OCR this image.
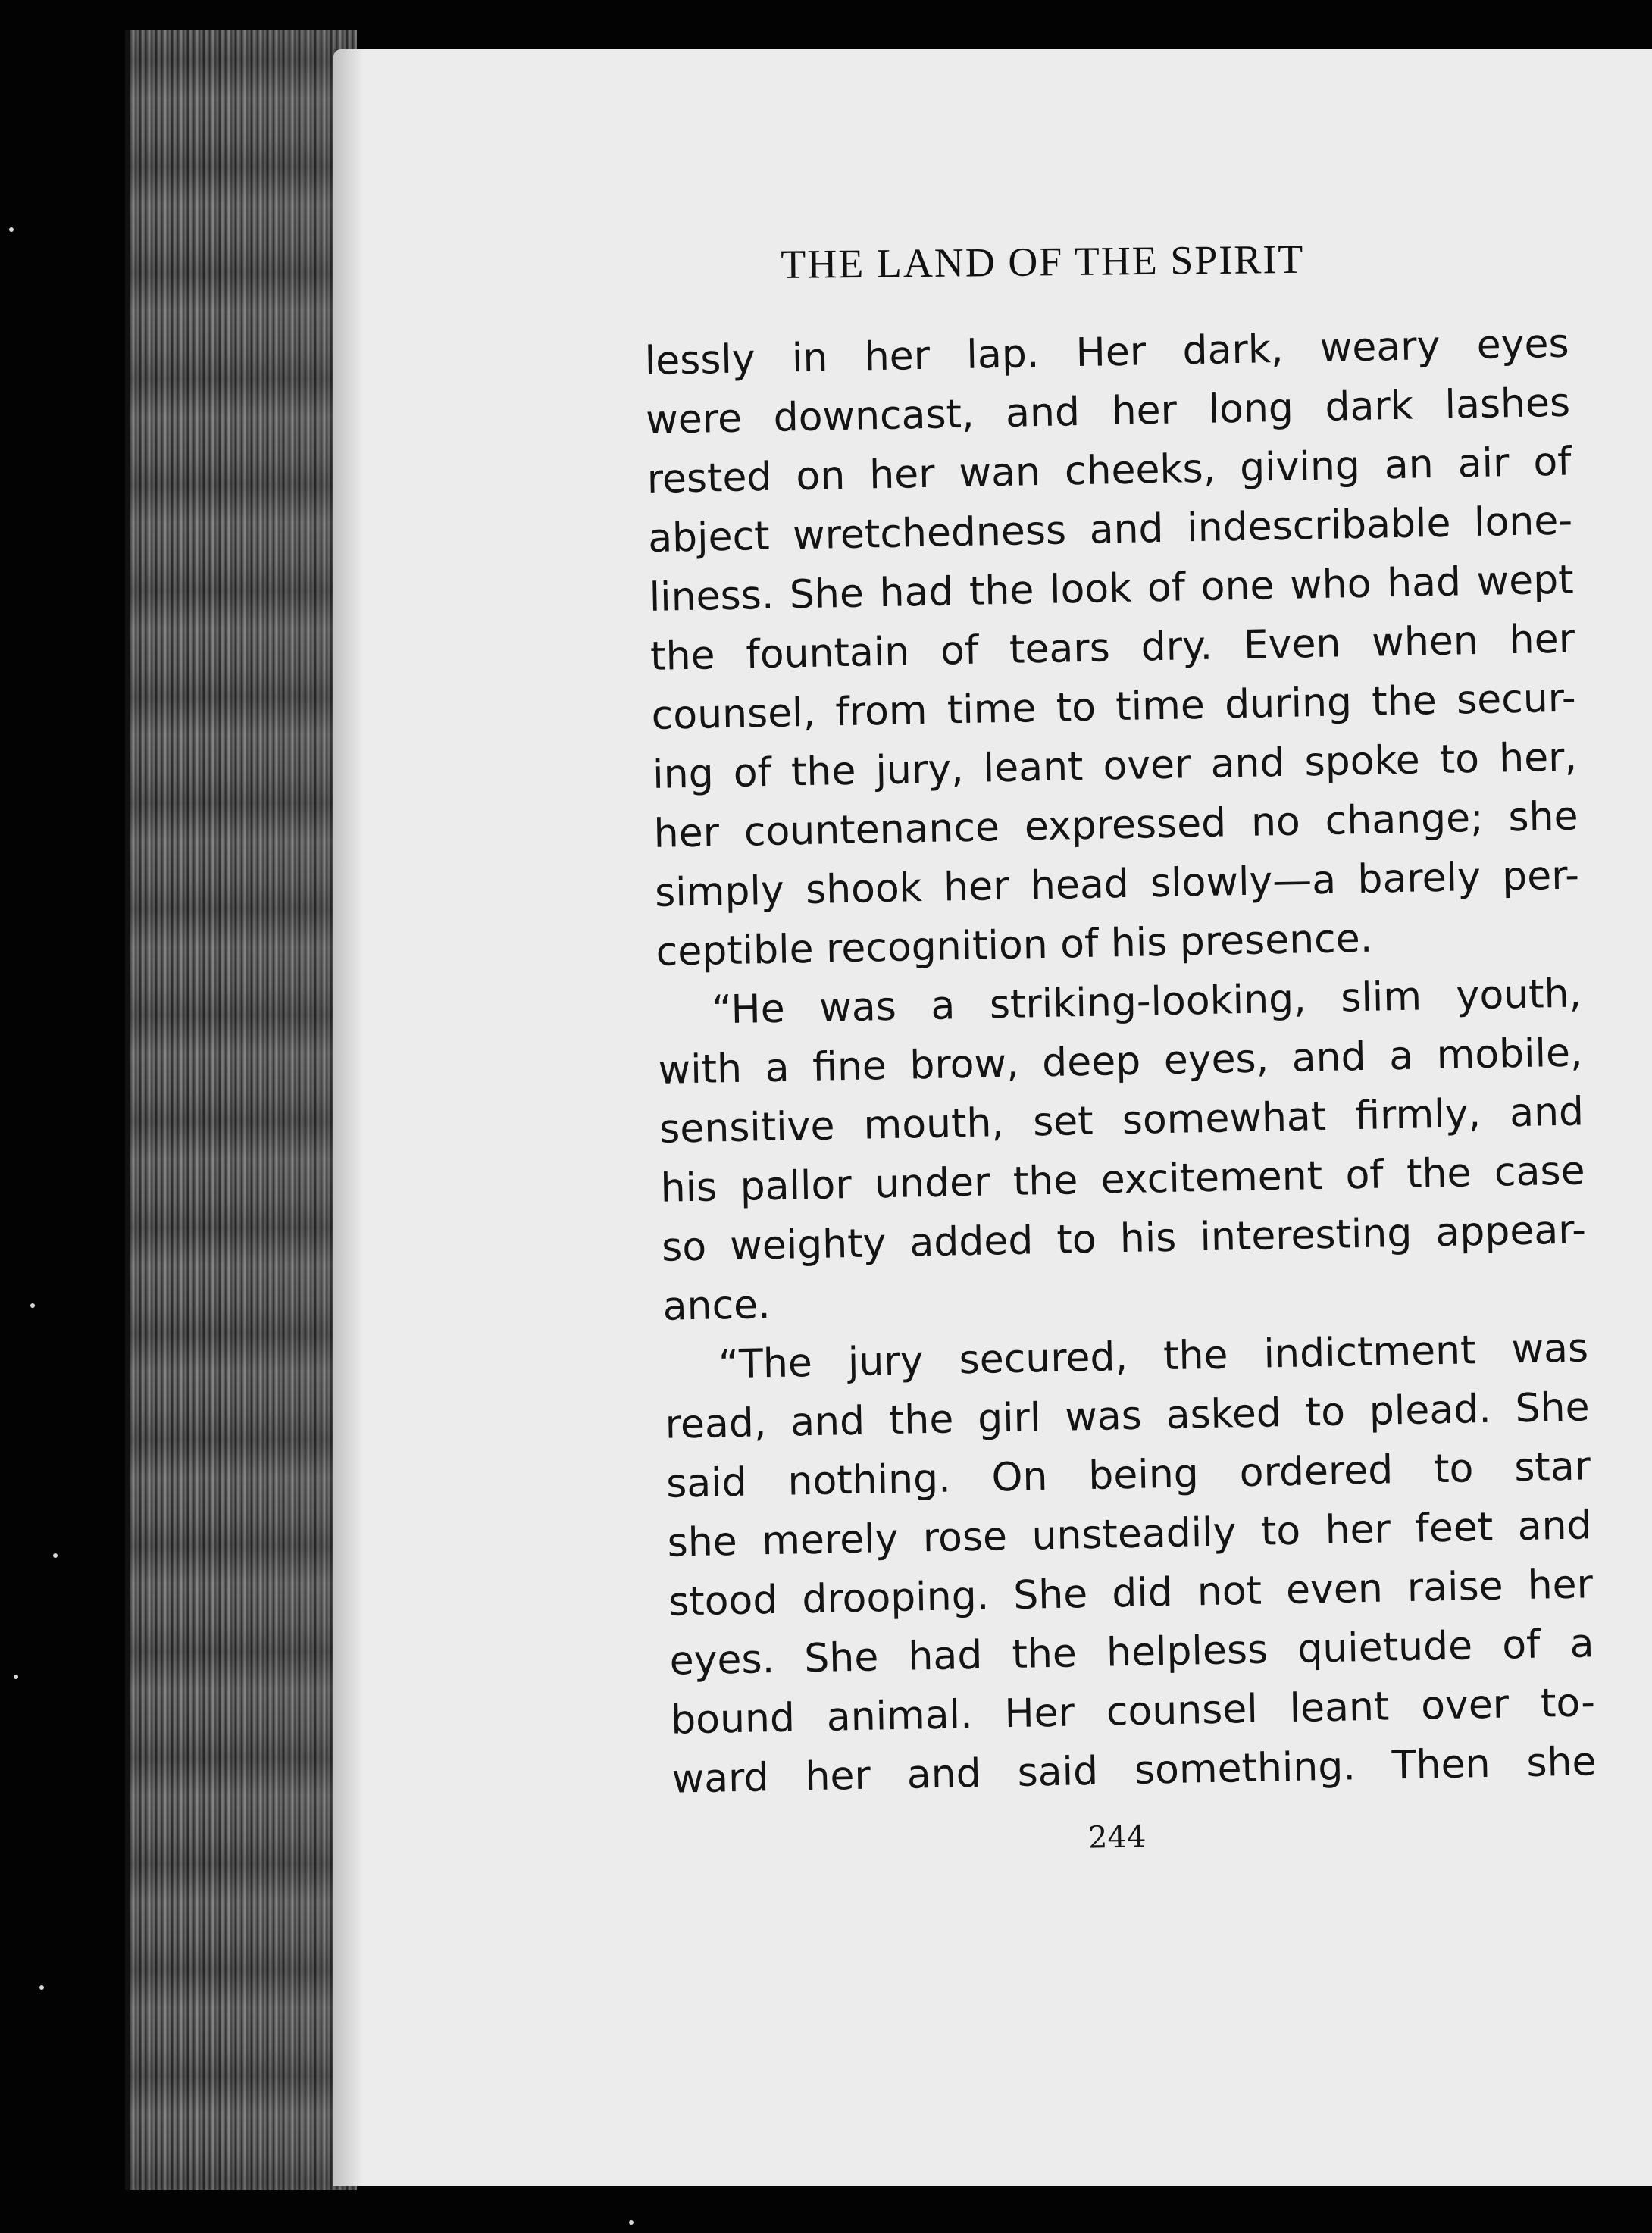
THE LAND OF THE SPIRIT
lessly in her lap. Her dark, weary eyes
were downcast, and her long dark lashes
rested on her wan cheeks, giving an air of
abject wretchedness and indescribable lone-
liness. She had the look of one who had wept
the fountain of tears dry. Even when her
counsel, from time to time during the secur-
ing of the jury, leant over and spoke to her,
her countenance expressed no change; she
simply shook her head slowly—a barely per-
ceptible recognition of his presence.
“He was a striking-looking, slim youth,
with a fine brow, deep eyes, and a mobile,
sensitive mouth, set somewhat firmly, and
his pallor under the excitement of the case
so weighty added to his interesting appear-
ance.
“The jury secured, the indictment was
read, and the girl was asked to plead. She
said nothing. On being ordered to star
she merely rose unsteadily to her feet and
stood drooping. She did not even raise her
eyes. She had the helpless quietude of a
bound animal. Her counsel leant over to-
ward her and said something. Then she
244
